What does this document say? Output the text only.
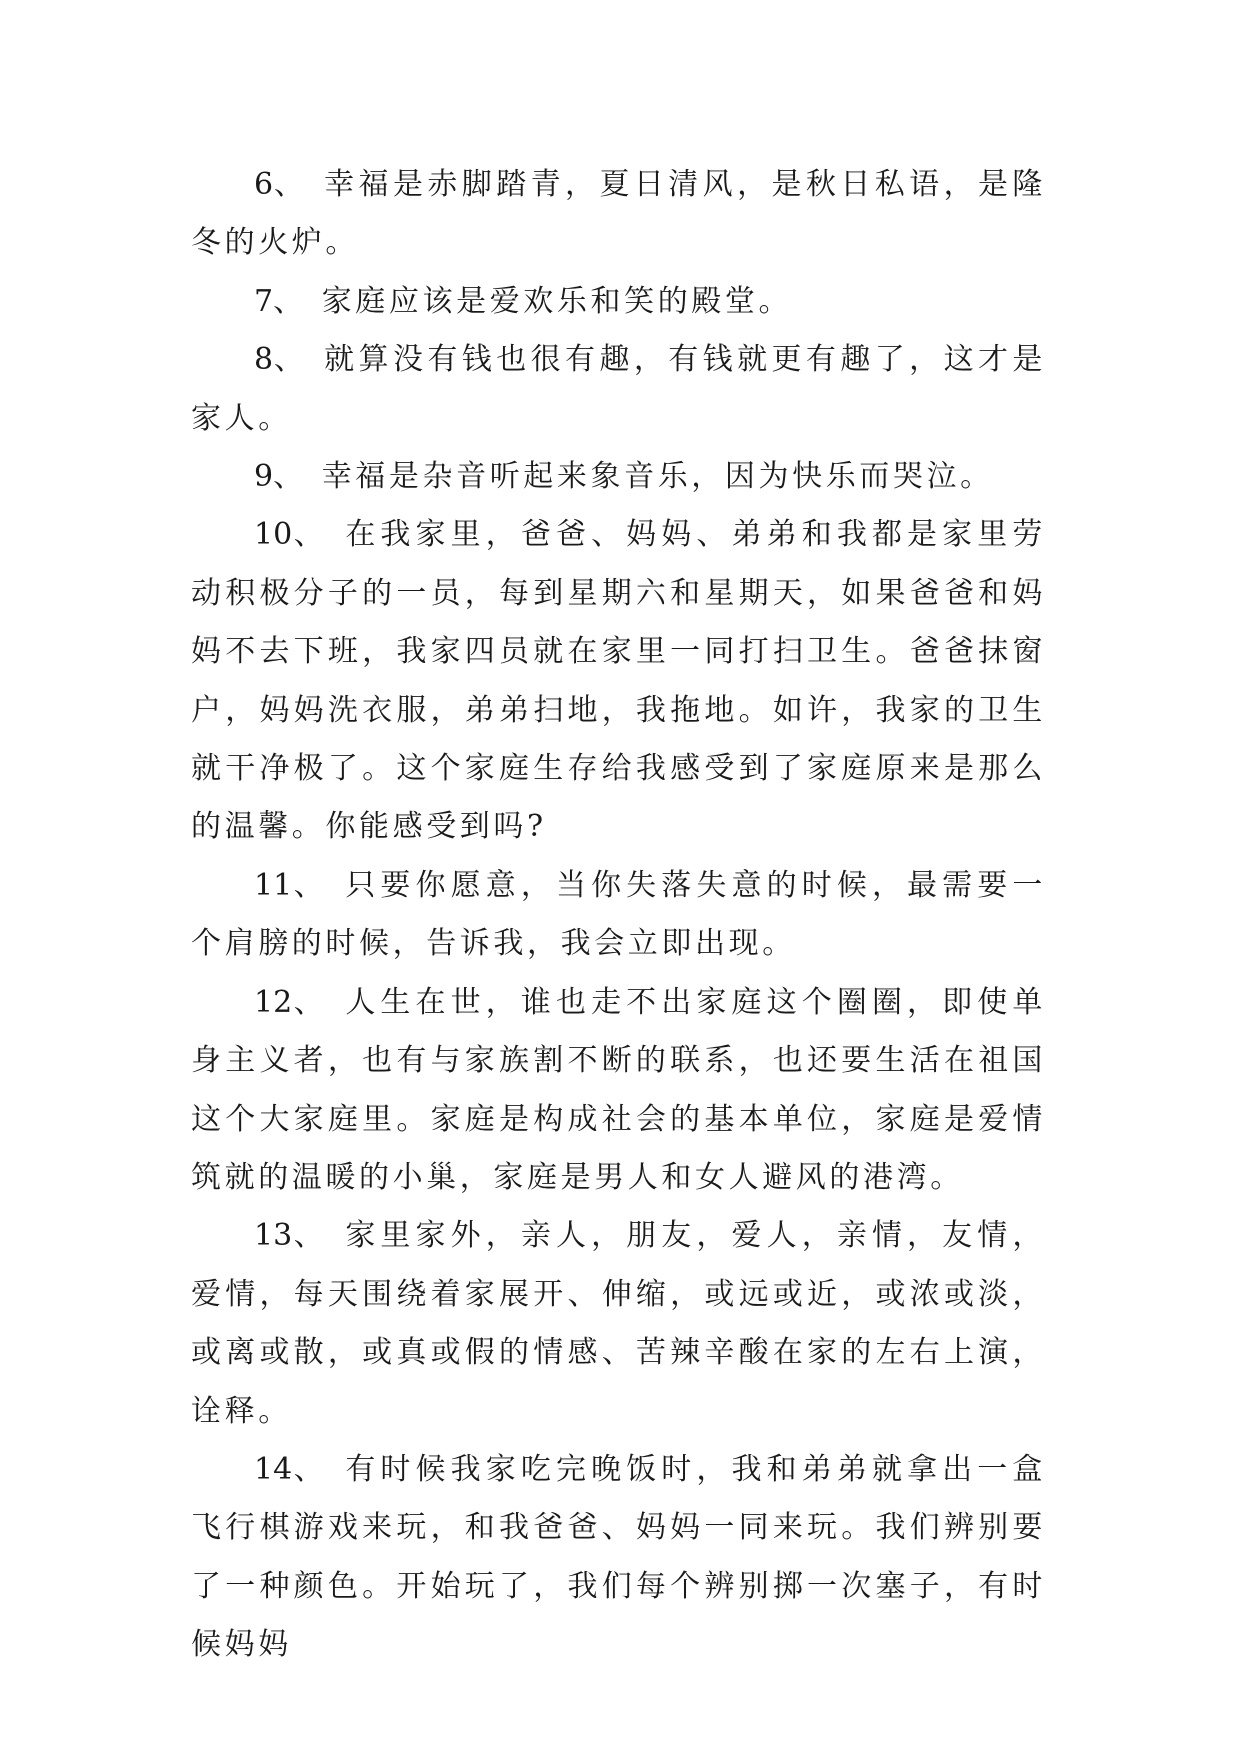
6、　 幸福是赤脚踏青，夏日清风，是秋日私语，是隆冬的火炉。

7、　 家庭应该是爱欢乐和笑的殿堂。

8、　 就算没有钱也很有趣，有钱就更有趣了，这才是家人。

9、　 幸福是杂音听起来象音乐，因为快乐而哭泣。

10、　 在我家里，爸爸、妈妈、弟弟和我都是家里劳动积极分子的一员，每到星期六和星期天，如果爸爸和妈妈不去下班，我家四员就在家里一同打扫卫生。爸爸抹窗户，妈妈洗衣服，弟弟扫地，我拖地。如许，我家的卫生就干净极了。这个家庭生存给我感受到了家庭原来是那么的温馨。你能感受到吗?

11、　 只要你愿意，当你失落失意的时候，最需要一个肩膀的时候，告诉我，我会立即出现。

12、　 人生在世，谁也走不出家庭这个圈圈，即使单身主义者，也有与家族割不断的联系，也还要生活在祖国这个大家庭里。家庭是构成社会的基本单位，家庭是爱情筑就的温暖的小巢，家庭是男人和女人避风的港湾。

13、　 家里家外，亲人，朋友，爱人，亲情，友情，爱情，每天围绕着家展开、伸缩，或远或近，或浓或淡，或离或散，或真或假的情感、苦辣辛酸在家的左右上演，诠释。

14、　 有时候我家吃完晚饭时，我和弟弟就拿出一盒飞行棋游戏来玩，和我爸爸、妈妈一同来玩。我们辨别要了一种颜色。开始玩了，我们每个辨别掷一次塞子，有时候妈妈
